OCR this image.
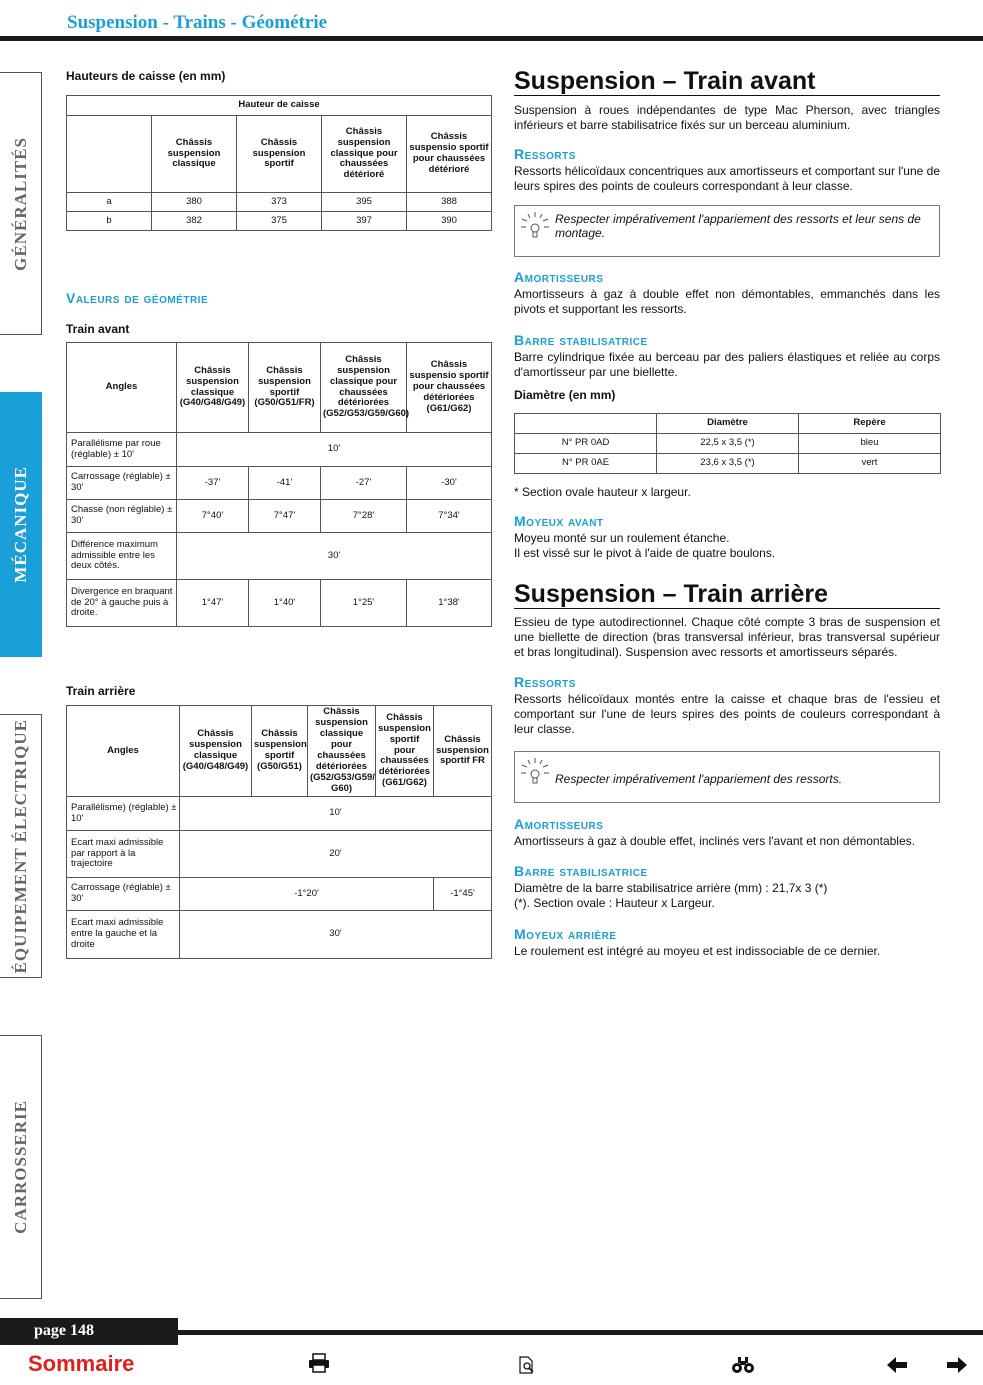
Suspension - Trains - Géométrie
GÉNÉRALITÉS
MÉCANIQUE
ÉQUIPEMENT ÉLECTRIQUE
CARROSSERIE
Hauteurs de caisse (en mm)
Hauteur de caisse				
	Châssis suspension classique	Châssis suspension sportif	Châssis suspension classique pour chaussées détérioré	Châssis suspensio sportif pour chaussées détérioré
a	380	373	395	388
b	382	375	397	390
Valeurs de géométrie
Train avant
Angles	Châssis suspension classique (G40/G48/G49)	Châssis suspension sportif (G50/G51/FR)	Châssis suspension classique pour chaussées détériorées (G52/G53/G59/G60)	Châssis suspensio sportif pour chaussées détériorées (G61/G62)
Parallélisme par roue (réglable) ± 10'	10'			
Carrossage (réglable) ± 30'	-37'	-41'	-27'	-30'
Chasse (non réglable) ± 30'	7°40'	7°47'	7°28'	7°34'
Différence maximum admissible entre les deux côtés.	30'			
Divergence en braquant de 20° à gauche puis à droite.	1°47'	1°40'	1°25'	1°38'
Train arrière
Angles	Châssis suspension classique (G40/G48/G49)	Châssis suspension sportif (G50/G51)	Châssis suspension classique pour chaussées détériorées (G52/G53/G59/ G60)	Châssis suspension sportif pour chaussées détériorées (G61/G62)	Châssis suspension sportif FR
Parallélisme) (réglable) ± 10'	10'				
Ecart maxi admissible par rapport à la trajectoire	20'				
Carrossage (réglable) ± 30'	-1°20'				-1°45'
Ecart maxi admissible entre la gauche et la droite	30'				
Suspension – Train avant
Suspension à roues indépendantes de type Mac Pherson, avec triangles inférieurs et barre stabilisatrice fixés sur un berceau aluminium.
Ressorts
Ressorts hélicoïdaux concentriques aux amortisseurs et comportant sur l'une de leurs spires des points de couleurs correspondant à leur classe.
Respecter impérativement l'appariement des ressorts et leur sens de montage.
Amortisseurs
Amortisseurs à gaz à double effet non démontables, emmanchés dans les pivots et supportant les ressorts.
Barre stabilisatrice
Barre cylindrique fixée au berceau par des paliers élastiques et reliée au corps d'amortisseur par une biellette.
Diamètre (en mm)
	Diamètre	Repère
N° PR 0AD	22,5 x 3,5 (*)	bleu
N° PR 0AE	23,6 x 3,5 (*)	vert
* Section ovale hauteur x largeur.
Moyeux avant
Moyeu monté sur un roulement étanche.
Il est vissé sur le pivot à l'aide de quatre boulons.
Suspension – Train arrière
Essieu de type autodirectionnel. Chaque côté compte 3 bras de suspension et une biellette de direction (bras transversal inférieur, bras transversal supérieur et bras longitudinal). Suspension avec ressorts et amortisseurs séparés.
Ressorts
Ressorts hélicoïdaux montés entre la caisse et chaque bras de l'essieu et comportant sur l'une de leurs spires des points de couleurs correspondant à leur classe.
Respecter impérativement l'appariement des ressorts.
Amortisseurs
Amortisseurs à gaz à double effet, inclinés vers l'avant et non démontables.
Barre stabilisatrice
Diamètre de la barre stabilisatrice arrière (mm) : 21,7x 3 (*)
(*). Section ovale : Hauteur x Largeur.
Moyeux arrière
Le roulement est intégré au moyeu et est indissociable de ce dernier.
page 148
Sommaire
